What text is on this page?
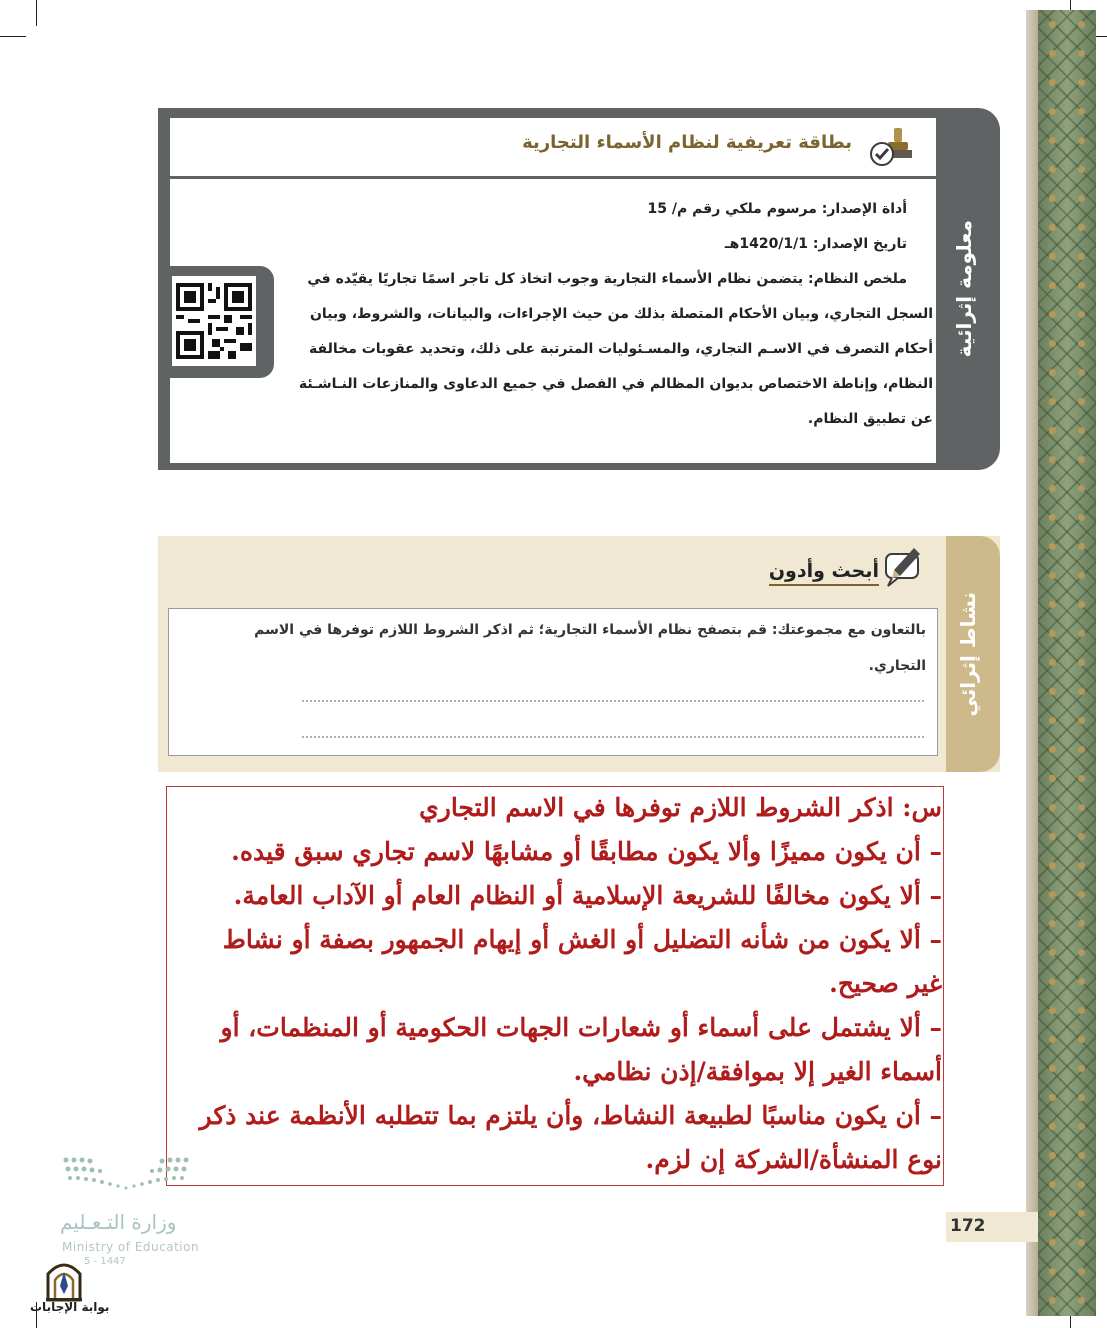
بطاقة تعريفية لنظام الأسماء التجارية
معلومة إثرائية

أداة الإصدار: مرسوم ملكي رقم م/ 15

تاريخ الإصدار: 1420/1/1هـ

ملخص النظام: يتضمن نظام الأسماء التجارية وجوب اتخاذ كل تاجر اسمًا تجاريًا يقيّده في

السجل التجاري، وبيان الأحكام المتصلة بذلك من حيث الإجراءات، والبيانات، والشروط، وبيان

أحكام التصرف في الاسـم التجاري، والمسـئوليات المترتبة على ذلك، وتحديد عقوبات مخالفة

النظام، وإناطة الاختصاص بديوان المظالم في الفصل في جميع الدعاوى والمنازعات النـاشـئة

عن تطبيق النظام.

نشاط إثرائي
أبحث وأدون
بالتعاون مع مجموعتك: قم بتصفح نظام الأسماء التجارية؛ ثم اذكر الشروط اللازم توفرها في الاسم
التجاري.

س: اذكر الشروط اللازم توفرها في الاسم التجاري

– أن يكون مميزًا وألا يكون مطابقًا أو مشابهًا لاسم تجاري سبق قيده.

– ألا يكون مخالفًا للشريعة الإسلامية أو النظام العام أو الآداب العامة.

– ألا يكون من شأنه التضليل أو الغش أو إيهام الجمهور بصفة أو نشاط

غير صحيح.

– ألا يشتمل على أسماء أو شعارات الجهات الحكومية أو المنظمات، أو

أسماء الغير إلا بموافقة/إذن نظامي.

– أن يكون مناسبًا لطبيعة النشاط، وأن يلتزم بما تتطلبه الأنظمة عند ذكر

نوع المنشأة/الشركة إن لزم.

172
وزارة التـعـليم
Ministry of Education
5 - 1447
بوابة الإجابات
